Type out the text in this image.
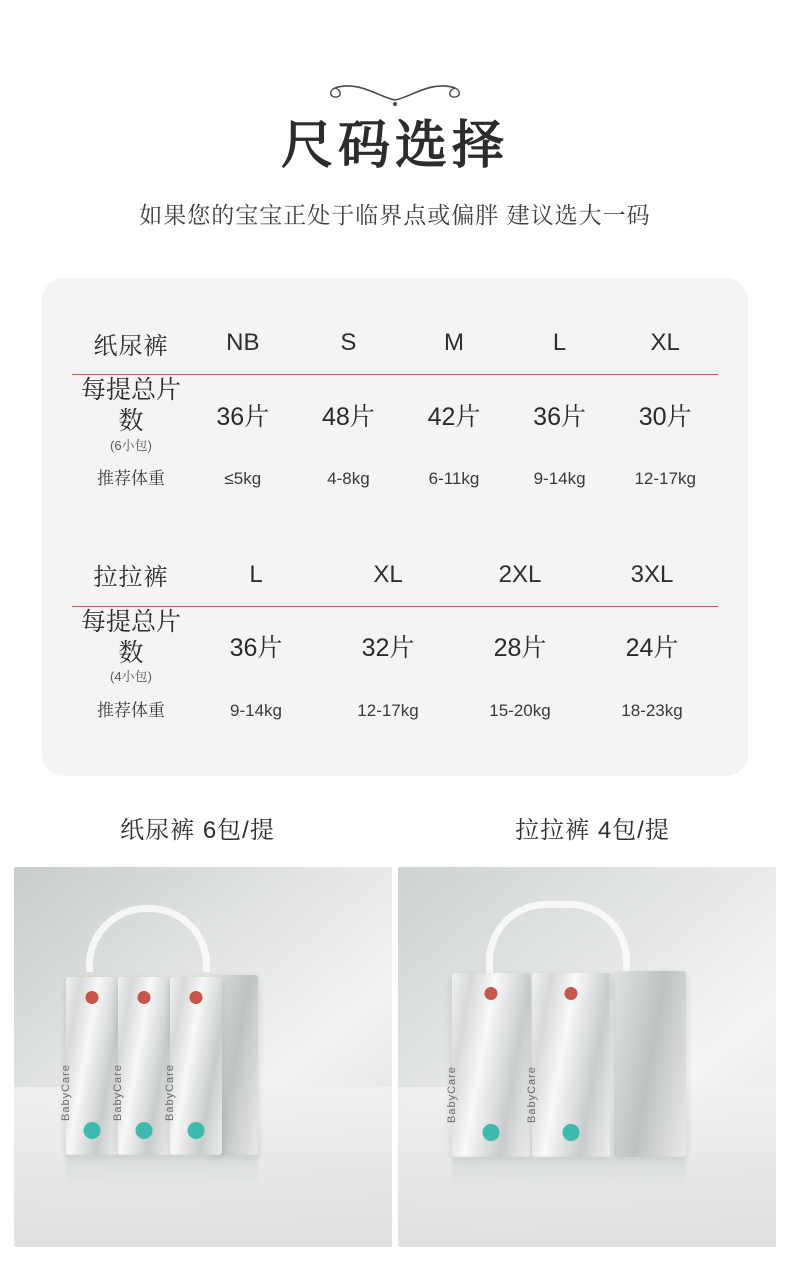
尺码选择
如果您的宝宝正处于临界点或偏胖 建议选大一码
纸尿裤	NB	S	M	L	XL
每提总片数
(6小包)	36片	48片	42片	36片	30片
推荐体重	≤5kg	4-8kg	6-11kg	9-14kg	12-17kg
拉拉裤	L	XL	2XL	3XL
每提总片数
(4小包)	36片	32片	28片	24片
推荐体重	9-14kg	12-17kg	15-20kg	18-23kg
纸尿裤 6包/提	拉拉裤 4包/提
BabyCare	BabyCare	BabyCare	BabyCare	BabyCare
